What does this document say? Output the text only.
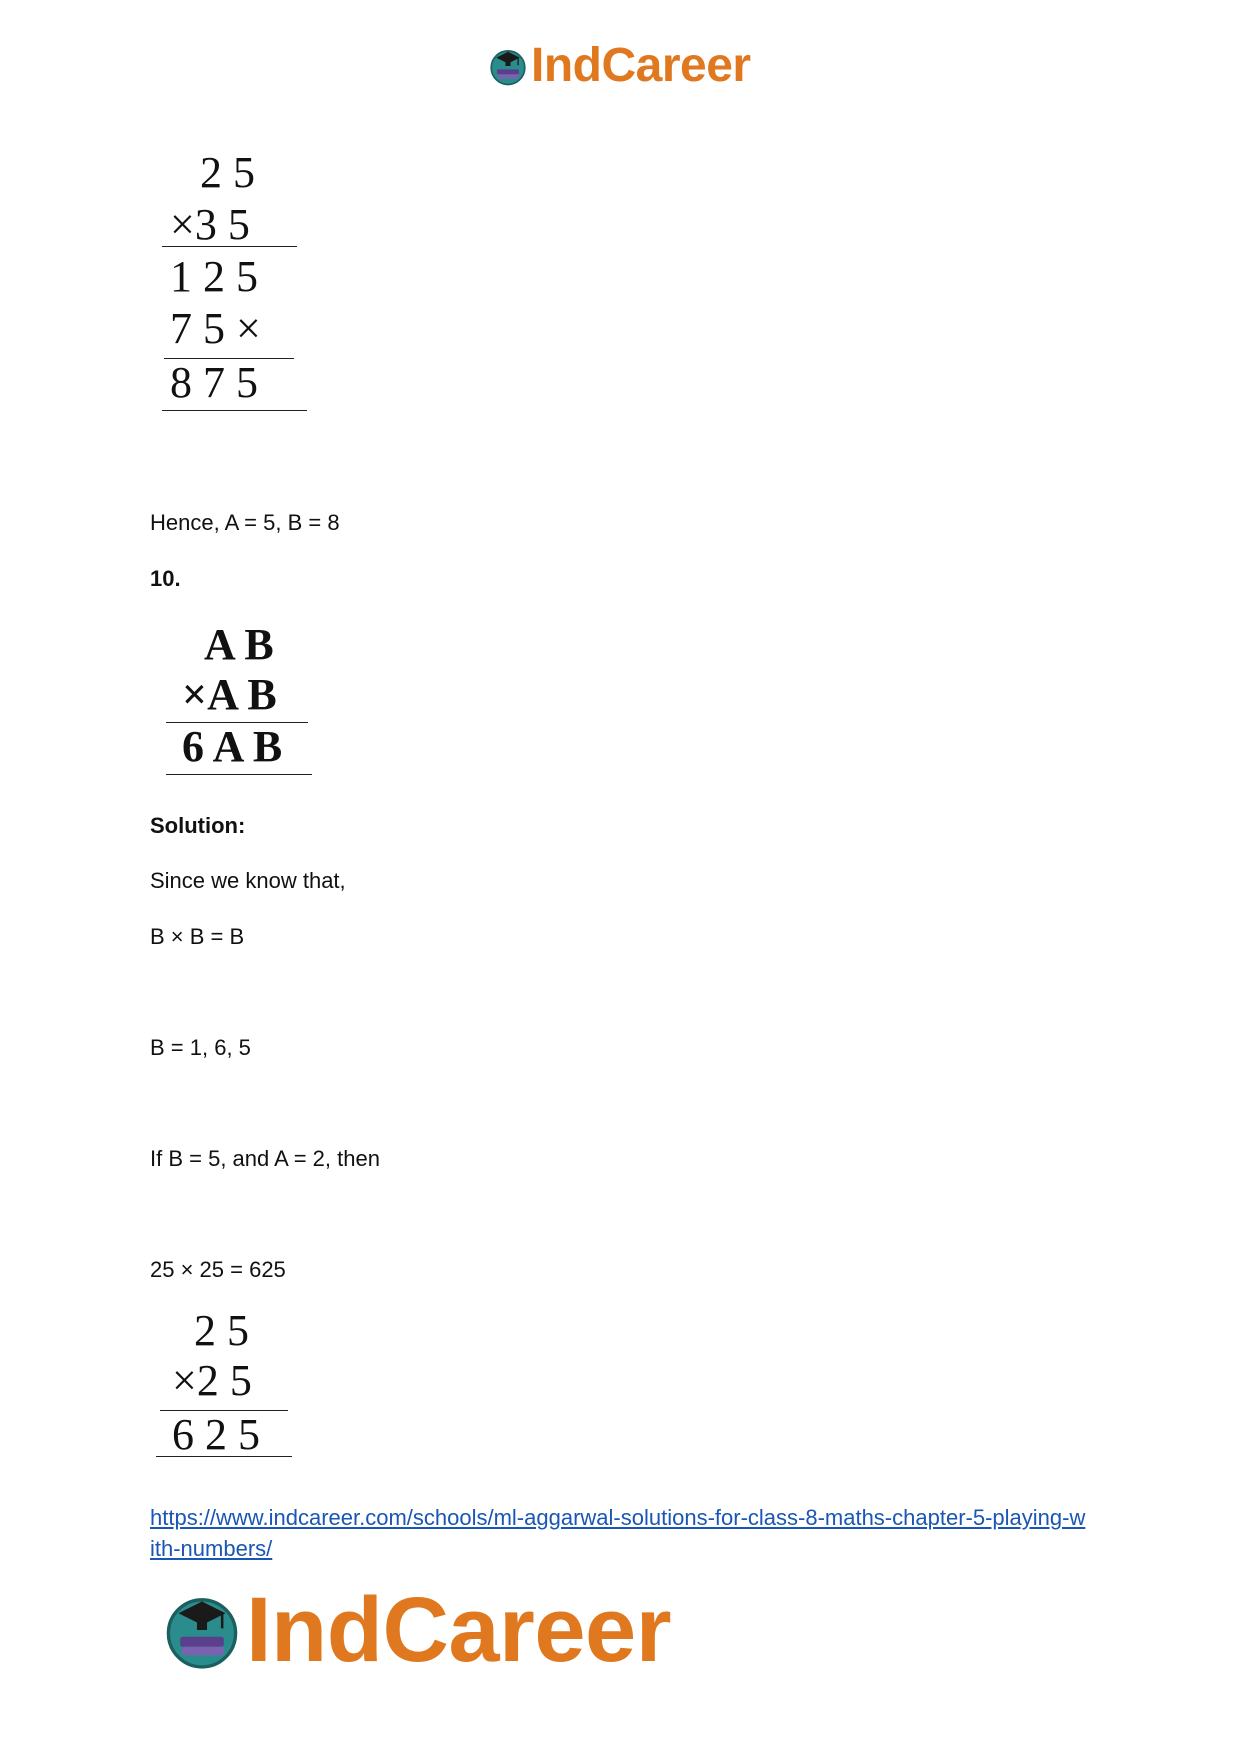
IndCareer
2 5
×3 5
1 2 5
7 5 ×
8 7 5
Hence, A = 5, B = 8
10.
A B
×A B
6 A B
Solution:
Since we know that,
B × B = B
B = 1, 6, 5
If B = 5, and A = 2, then
25 × 25 = 625
2 5
×2 5
6 2 5
https://www.indcareer.com/schools/ml-aggarwal-solutions-for-class-8-maths-chapter-5-playing-with-numbers/
IndCareer
